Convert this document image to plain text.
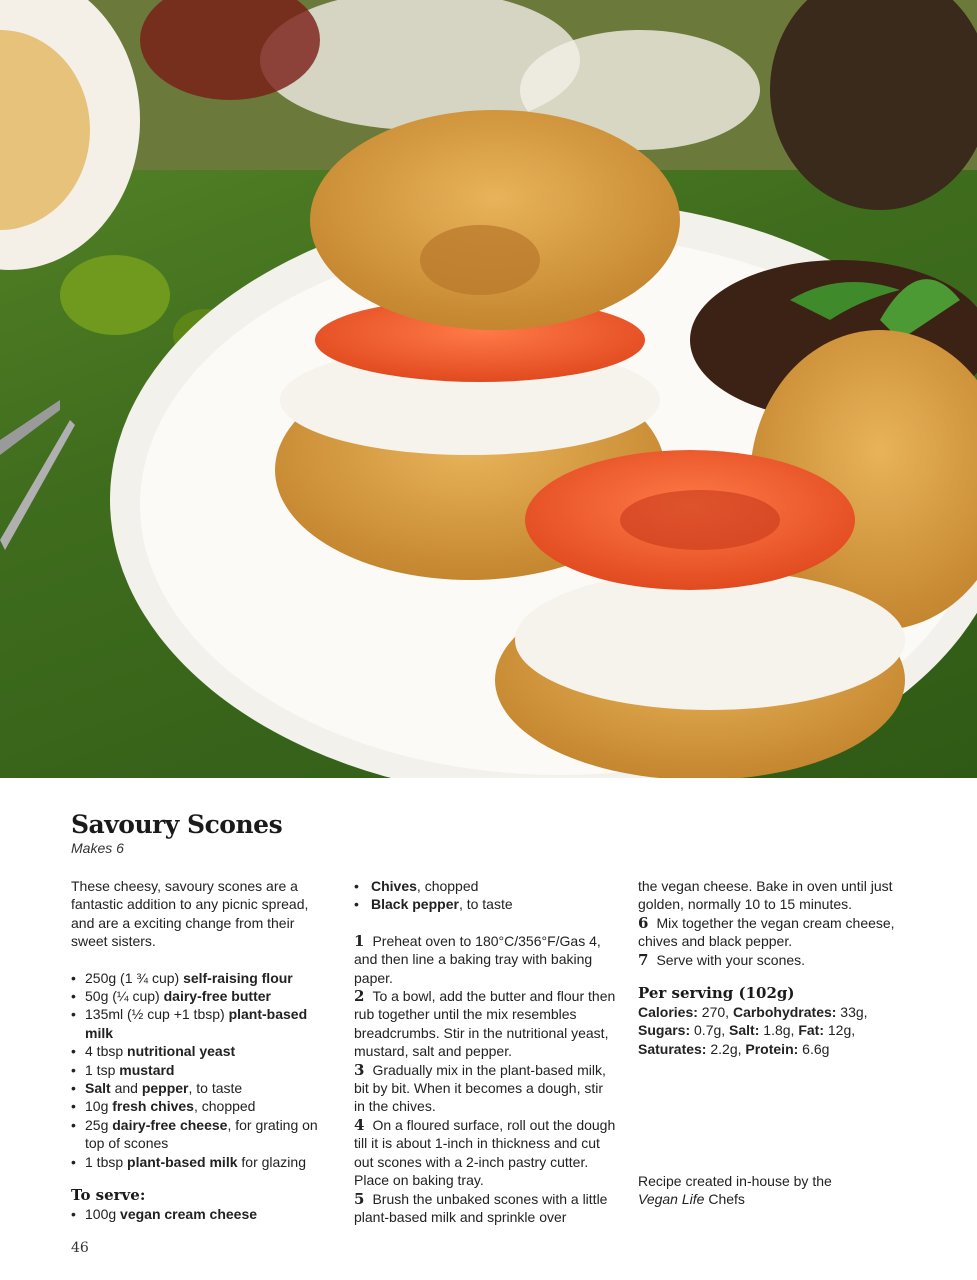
Savoury Scones
Makes 6

These cheesy, savoury scones are a fantastic addition to any picnic spread, and are a exciting change from their sweet sisters.

• 250g (1 ¾ cup) self-raising flour
• 50g (¼ cup) dairy-free butter
• 135ml (½ cup +1 tbsp) plant-based milk
• 4 tbsp nutritional yeast
• 1 tsp mustard
• Salt and pepper, to taste
• 10g fresh chives, chopped
• 25g dairy-free cheese, for grating on top of scones
• 1 tbsp plant-based milk for glazing
To serve:
• 100g vegan cream cheese
• Chives, chopped
• Black pepper, to taste

1 Preheat oven to 180°C/356°F/Gas 4, and then line a baking tray with baking paper.

2 To a bowl, add the butter and flour then rub together until the mix resembles breadcrumbs. Stir in the nutritional yeast, mustard, salt and pepper.

3 Gradually mix in the plant-based milk, bit by bit. When it becomes a dough, stir in the chives.

4 On a floured surface, roll out the dough till it is about 1-inch in thickness and cut out scones with a 2-inch pastry cutter. Place on baking tray.

5 Brush the unbaked scones with a little plant-based milk and sprinkle over

the vegan cheese. Bake in oven until just golden, normally 10 to 15 minutes.

6 Mix together the vegan cream cheese, chives and black pepper.

7 Serve with your scones.

Per serving (102g)

Calories: 270, Carbohydrates: 33g, Sugars: 0.7g, Salt: 1.8g, Fat: 12g, Saturates: 2.2g, Protein: 6.6g

Recipe created in-house by the
Vegan Life Chefs
46
